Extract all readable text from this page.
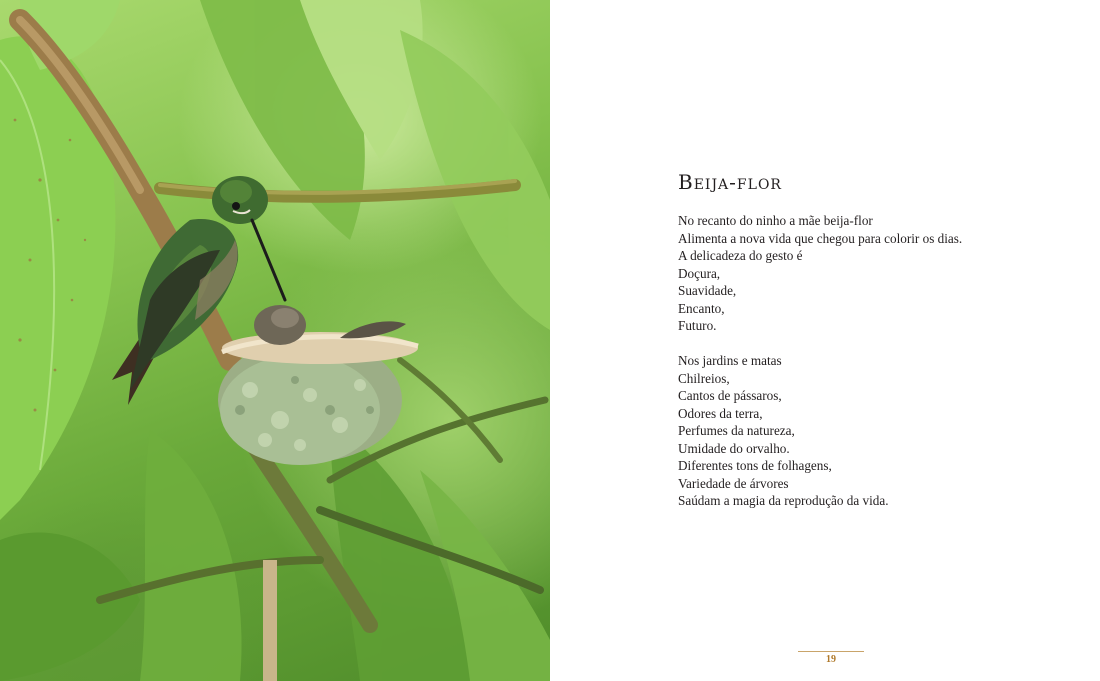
Beija-flor
No recanto do ninho a mãe beija-flor
Alimenta a nova vida que chegou para colorir os dias.
A delicadeza do gesto é
Doçura,
Suavidade,
Encanto,
Futuro.
Nos jardins e matas
Chilreios,
Cantos de pássaros,
Odores da terra,
Perfumes da natureza,
Umidade do orvalho.
Diferentes tons de folhagens,
Variedade de árvores
Saúdam a magia da reprodução da vida.
19
